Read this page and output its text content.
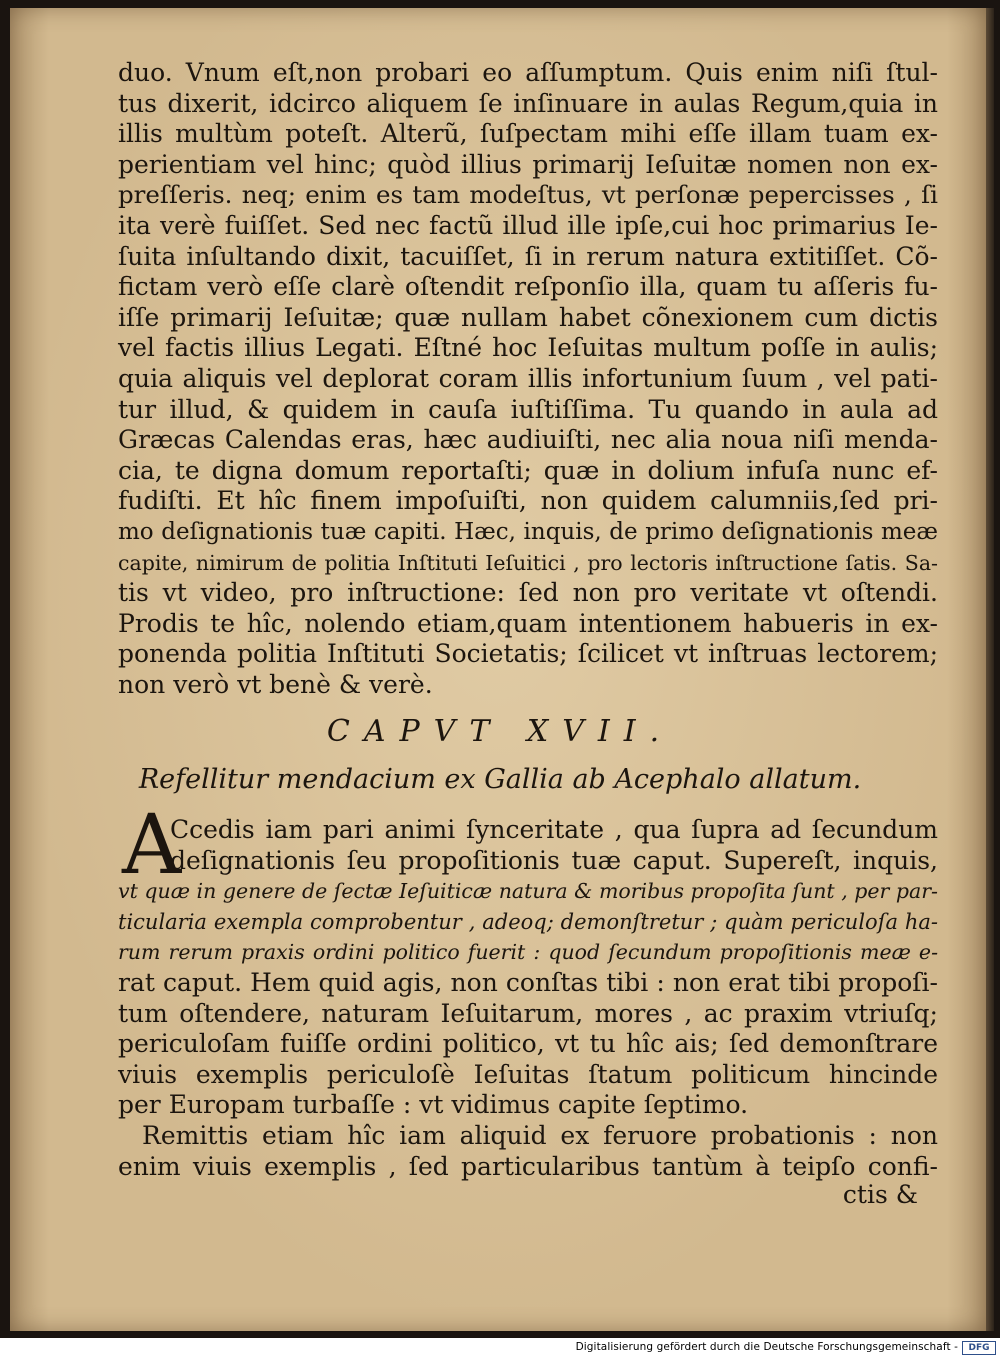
duo. Vnum eſt,non probari eo aſſumptum. Quis enim niſi ſtul-
tus dixerit, idcirco aliquem ſe inſinuare in aulas Regum,quia in
illis multùm poteſt. Alterũ, ſuſpectam mihi eſſe illam tuam ex-
perientiam vel hinc; quòd illius primarij Ieſuitæ nomen non ex-
preſſeris. neq; enim es tam modeſtus, vt perſonæ pepercisses , ſi
ita verè fuiſſet. Sed nec factũ illud ille ipſe,cui hoc primarius Ie-
ſuita inſultando dixit, tacuiſſet, ſi in rerum natura extitiſſet. Cõ-
fictam verò eſſe clarè oſtendit reſponſio illa, quam tu aſſeris fu-
iſſe primarij Ieſuitæ; quæ nullam habet cõnexionem cum dictis
vel factis illius Legati. Eſtné hoc Ieſuitas multum poſſe in aulis;
quia aliquis vel deplorat coram illis infortunium ſuum , vel pati-
tur illud, & quidem in cauſa iuſtiſſima. Tu quando in aula ad
Græcas Calendas eras, hæc audiuiſti, nec alia noua niſi menda-
cia, te digna domum reportaſti; quæ in dolium infuſa nunc ef-
fudiſti. Et hîc finem impoſuiſti, non quidem calumniis,ſed pri-
mo deſignationis tuæ capiti. Hæc, inquis, de primo deſignationis meæ
capite, nimirum de politia Inſtituti Ieſuitici , pro lectoris inſtructione ſatis. Sa-
tis vt video, pro inſtructione: ſed non pro veritate vt oſtendi.
Prodis te hîc, nolendo etiam,quam intentionem habueris in ex-
ponenda politia Inſtituti Societatis; ſcilicet vt inſtruas lectorem;
non verò vt benè & verè.
CAPVT XVII.
Refellitur mendacium ex Gallia ab Acephalo allatum.
A
Ccedis iam pari animi ſynceritate , qua ſupra ad ſecundum
deſignationis ſeu propoſitionis tuæ caput. Supereſt, inquis,
vt quæ in genere de ſectæ Ieſuiticæ natura & moribus propoſita ſunt , per par-
ticularia exempla comprobentur , adeoq; demonſtretur ; quàm periculoſa ha-
rum rerum praxis ordini politico fuerit : quod ſecundum propoſitionis meæ e-
rat caput. Hem quid agis, non conſtas tibi : non erat tibi propoſi-
tum oſtendere, naturam Ieſuitarum, mores , ac praxim vtriuſq;
periculoſam fuiſſe ordini politico, vt tu hîc ais; ſed demonſtrare
viuis exemplis periculoſè Ieſuitas ſtatum politicum hincinde
per Europam turbaſſe : vt vidimus capite ſeptimo.
Remittis etiam hîc iam aliquid ex feruore probationis : non
enim viuis exemplis , ſed particularibus tantùm à teipſo confi-
ctis &
Digitalisierung gefördert durch die Deutsche Forschungsgemeinschaft -	DFG
